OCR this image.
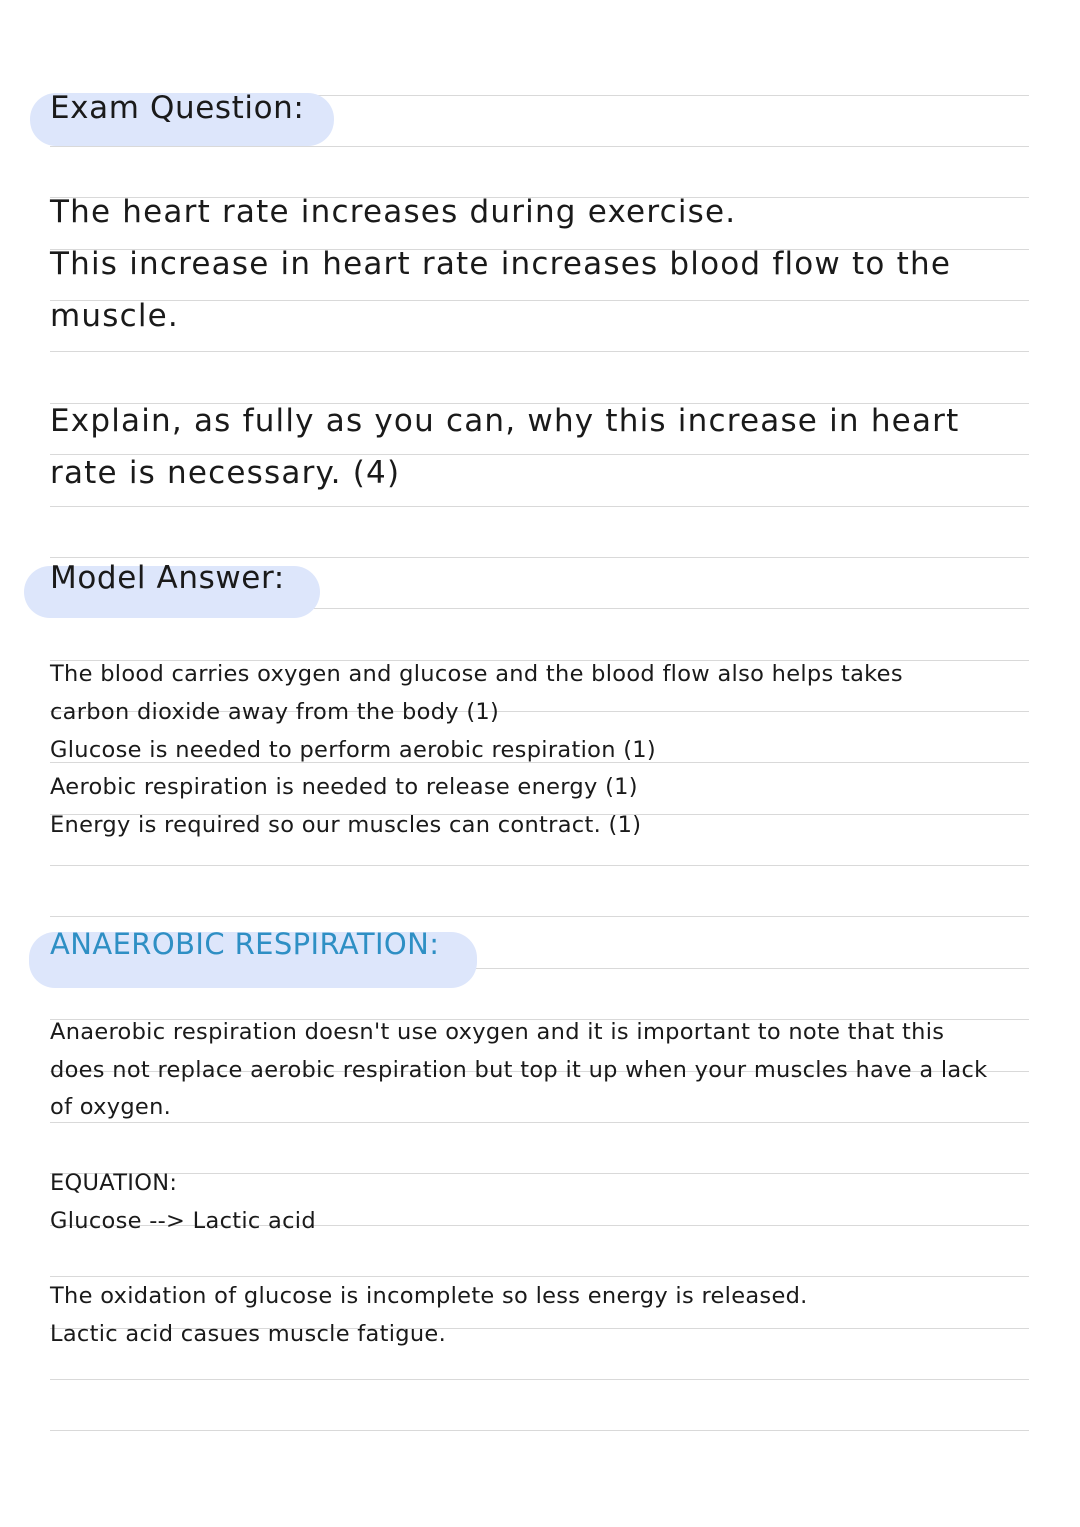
Exam Question:
The heart rate increases during exercise.
This increase in heart rate increases blood flow to the
muscle.
Explain, as fully as you can, why this increase in heart
rate is necessary. (4)
Model Answer:
The blood carries oxygen and glucose and the blood flow also helps takes
carbon dioxide away from the body (1)
Glucose is needed to perform aerobic respiration (1)
Aerobic respiration is needed to release energy (1)
Energy is required so our muscles can contract. (1)
ANAEROBIC RESPIRATION:
Anaerobic respiration doesn't use oxygen and it is important to note that this
does not replace aerobic respiration but top it up when your muscles have a lack
of oxygen.
EQUATION:
Glucose --> Lactic acid
The oxidation of glucose is incomplete so less energy is released.
Lactic acid casues muscle fatigue.
